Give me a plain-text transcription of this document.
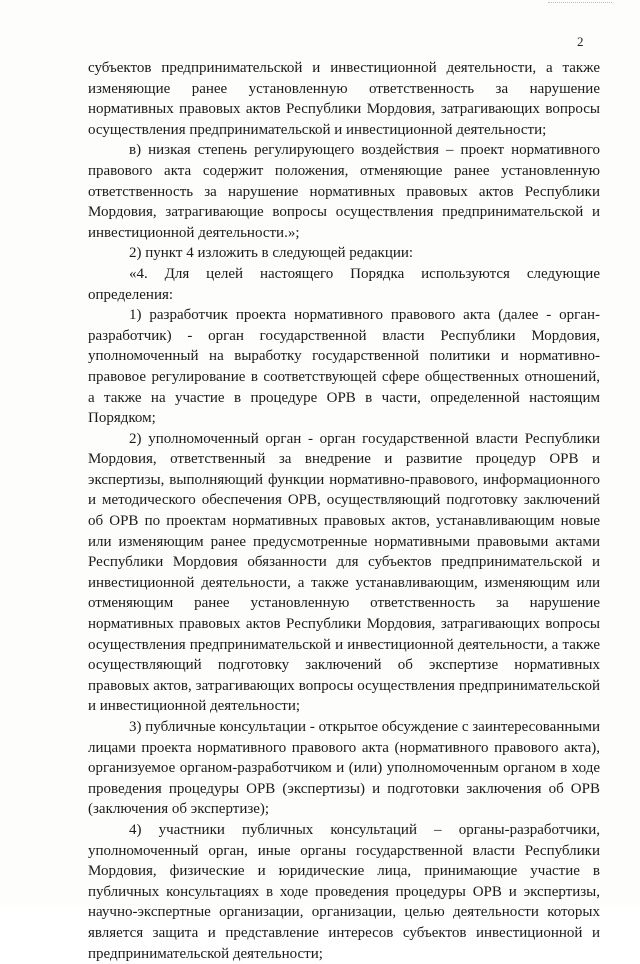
2

субъектов предпринимательской и инвестиционной деятельности, а также изменяющие ранее установленную ответственность за нарушение нормативных правовых актов Республики Мордовия, затрагивающих вопросы осуществления предпринимательской и инвестиционной деятельности;

в) низкая степень регулирующего воздействия – проект нормативного правового акта содержит положения, отменяющие ранее установленную ответственность за нарушение нормативных правовых актов Республики Мордовия, затрагивающие вопросы осуществления предпринимательской и инвестиционной деятельности.»;

2) пункт 4 изложить в следующей редакции:

«4. Для целей настоящего Порядка используются следующие определения:

1) разработчик проекта нормативного правового акта (далее - орган-разработчик) - орган государственной власти Республики Мордовия, уполномоченный на выработку государственной политики и нормативно-правовое регулирование в соответствующей сфере общественных отношений, а также на участие в процедуре ОРВ в части, определенной настоящим Порядком;

2) уполномоченный орган - орган государственной власти Республики Мордовия, ответственный за внедрение и развитие процедур ОРВ и экспертизы, выполняющий функции нормативно-правового, информационного и методического обеспечения ОРВ, осуществляющий подготовку заключений об ОРВ по проектам нормативных правовых актов, устанавливающим новые или изменяющим ранее предусмотренные нормативными правовыми актами Республики Мордовия обязанности для субъектов предпринимательской и инвестиционной деятельности, а также устанавливающим, изменяющим или отменяющим ранее установленную ответственность за нарушение нормативных правовых актов Республики Мордовия, затрагивающих вопросы осуществления предпринимательской и инвестиционной деятельности, а также осуществляющий подготовку заключений об экспертизе нормативных правовых актов, затрагивающих вопросы осуществления предпринимательской и инвестиционной деятельности;

3) публичные консультации - открытое обсуждение с заинтересованными лицами проекта нормативного правового акта (нормативного правового акта), организуемое органом-разработчиком и (или) уполномоченным органом в ходе проведения процедуры ОРВ (экспертизы) и подготовки заключения об ОРВ (заключения об экспертизе);

4) участники публичных консультаций – органы-разработчики, уполномоченный орган, иные органы государственной власти Республики Мордовия, физические и юридические лица, принимающие участие в публичных консультациях в ходе проведения процедуры ОРВ и экспертизы, научно-экспертные организации, организации, целью деятельности которых является защита и представление интересов субъектов инвестиционной и предпринимательской деятельности;
